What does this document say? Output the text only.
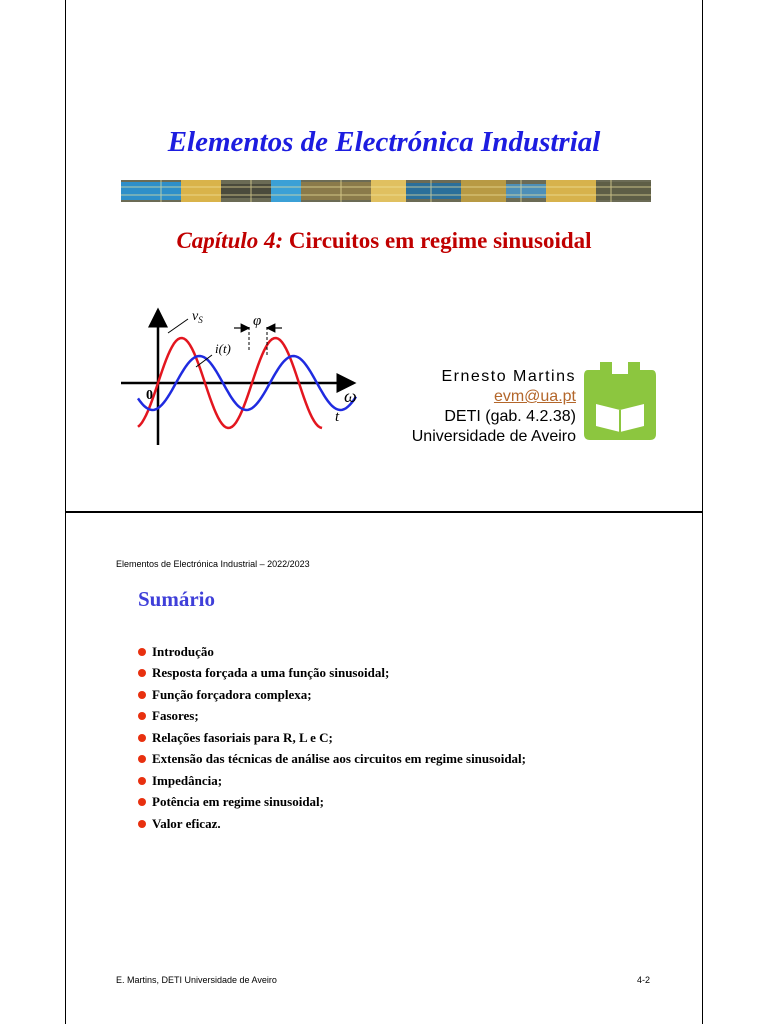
Elementos de Electrónica Industrial
Capítulo 4: Circuitos em regime sinusoidal
$v_S$	φ
i(t)
0	ω
t
Ernesto Martins
evm@ua.pt
DETI (gab. 4.2.38)
Universidade de Aveiro
Elementos de Electrónica Industrial – 2022/2023
Sumário
Introdução
Resposta forçada a uma função sinusoidal;
Função forçadora complexa;
Fasores;
Relações fasoriais para R, L e C;
Extensão das técnicas de análise aos circuitos em regime sinusoidal;
Impedância;
Potência em regime sinusoidal;
Valor eficaz.
E. Martins, DETI Universidade de Aveiro	4-2
